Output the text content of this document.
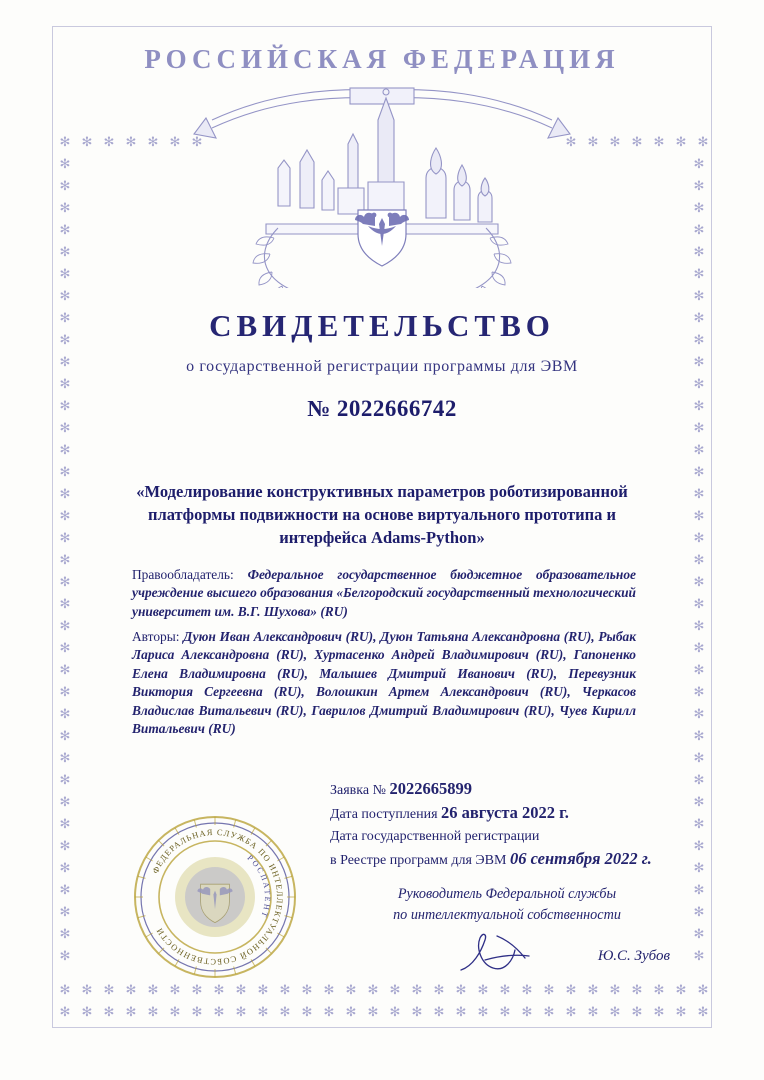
✻ ✻ ✻ ✻ ✻ ✻ ✻	✻ ✻ ✻ ✻ ✻ ✻ ✻
✻ ✻ ✻ ✻ ✻ ✻ ✻ ✻ ✻ ✻ ✻ ✻ ✻ ✻ ✻ ✻ ✻ ✻ ✻ ✻ ✻ ✻ ✻ ✻ ✻ ✻ ✻ ✻ ✻ ✻
✻ ✻ ✻ ✻ ✻ ✻ ✻ ✻ ✻ ✻ ✻ ✻ ✻ ✻ ✻ ✻ ✻ ✻ ✻ ✻ ✻ ✻ ✻ ✻ ✻ ✻ ✻ ✻ ✻ ✻
✻
✻
✻
✻
✻
✻
✻
✻
✻
✻
✻
✻
✻
✻
✻
✻
✻
✻
✻
✻
✻
✻
✻
✻
✻
✻
✻
✻
✻
✻
✻
✻
✻
✻
✻
✻
✻
✻
✻
✻
✻
✻
✻
✻
✻
✻
✻
✻
✻
✻
✻
✻
✻
✻
✻
✻
✻
✻
✻
✻
✻
✻
✻
✻
✻
✻
✻
✻
✻
✻
✻
✻
✻
✻
РОССИЙСКАЯ ФЕДЕРАЦИЯ
СВИДЕТЕЛЬСТВО
о государственной регистрации программы для ЭВМ
№ 2022666742
«Моделирование конструктивных параметров роботизированной платформы подвижности на основе виртуального прототипа и интерфейса Adams-Python»
Правообладатель: Федеральное государственное бюджетное образовательное учреждение высшего образования «Белгородский государственный технологический университет им. В.Г. Шухова» (RU)
Авторы: Дуюн Иван Александрович (RU), Дуюн Татьяна Александровна (RU), Рыбак Лариса Александровна (RU), Хуртасенко Андрей Владимирович (RU), Гапоненко Елена Владимировна (RU), Малышев Дмитрий Иванович (RU), Перевузник Виктория Сергеевна (RU), Волошкин Артем Александрович (RU), Черкасов Владислав Витальевич (RU), Гаврилов Дмитрий Владимирович (RU), Чуев Кирилл Витальевич (RU)
Заявка № 2022665899
Дата поступления 26 августа 2022 г.
Дата государственной регистрации
в Реестре программ для ЭВМ 06 сентября 2022 г.
Руководитель Федеральной службы
по интеллектуальной собственности
Ю.С. Зубов
ФЕДЕРАЛЬНАЯ СЛУЖБА ПО ИНТЕЛЛЕКТУАЛЬНОЙ СОБСТВЕННОСТИ
РОСПАТЕНТ
